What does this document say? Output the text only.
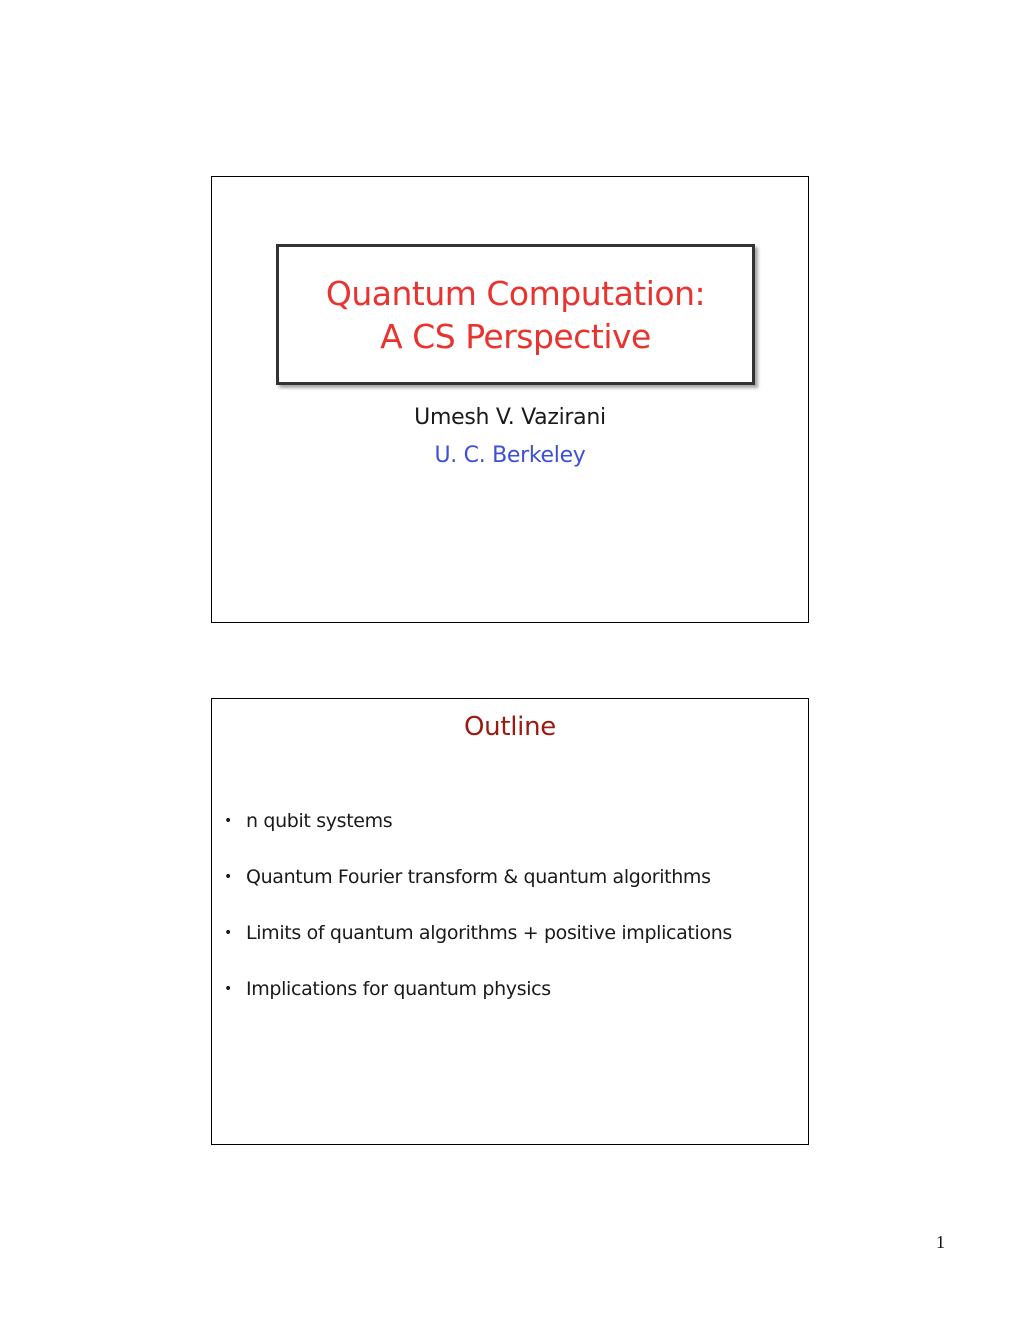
Quantum Computation:
A CS Perspective
Umesh V. Vazirani
U. C. Berkeley
Outline
• n qubit systems
• Quantum Fourier transform & quantum algorithms
• Limits of quantum algorithms + positive implications
• Implications for quantum physics
1
